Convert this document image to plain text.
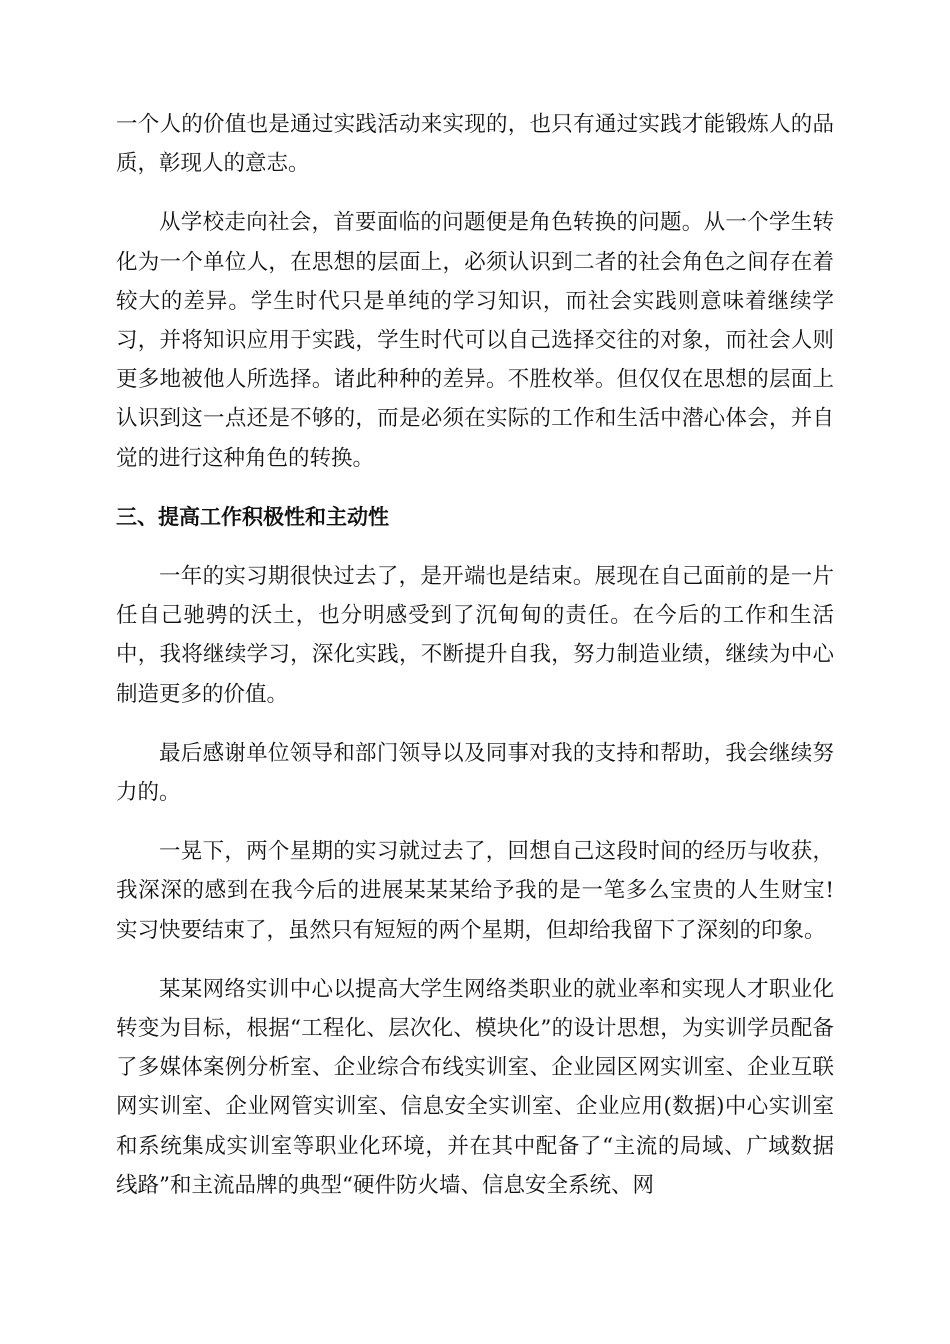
一个人的价值也是通过实践活动来实现的，也只有通过实践才能锻炼人的品质，彰现人的意志。

从学校走向社会，首要面临的问题便是角色转换的问题。从一个学生转化为一个单位人，在思想的层面上，必须认识到二者的社会角色之间存在着较大的差异。学生时代只是单纯的学习知识，而社会实践则意味着继续学习，并将知识应用于实践，学生时代可以自己选择交往的对象，而社会人则更多地被他人所选择。诸此种种的差异。不胜枚举。但仅仅在思想的层面上认识到这一点还是不够的，而是必须在实际的工作和生活中潜心体会，并自觉的进行这种角色的转换。

三、提高工作积极性和主动性

一年的实习期很快过去了，是开端也是结束。展现在自己面前的是一片任自己驰骋的沃土，也分明感受到了沉甸甸的责任。在今后的工作和生活中，我将继续学习，深化实践，不断提升自我，努力制造业绩，继续为中心制造更多的价值。

最后感谢单位领导和部门领导以及同事对我的支持和帮助，我会继续努力的。

一晃下，两个星期的实习就过去了，回想自己这段时间的经历与收获，我深深的感到在我今后的进展某某某给予我的是一笔多么宝贵的人生财宝!实习快要结束了，虽然只有短短的两个星期，但却给我留下了深刻的印象。

某某网络实训中心以提高大学生网络类职业的就业率和实现人才职业化转变为目标，根据“工程化、层次化、模块化”的设计思想，为实训学员配备了多媒体案例分析室、企业综合布线实训室、企业园区网实训室、企业互联网实训室、企业网管实训室、信息安全实训室、企业应用(数据)中心实训室和系统集成实训室等职业化环境，并在其中配备了“主流的局域、广域数据线路”和主流品牌的典型“硬件防火墙、信息安全系统、网
